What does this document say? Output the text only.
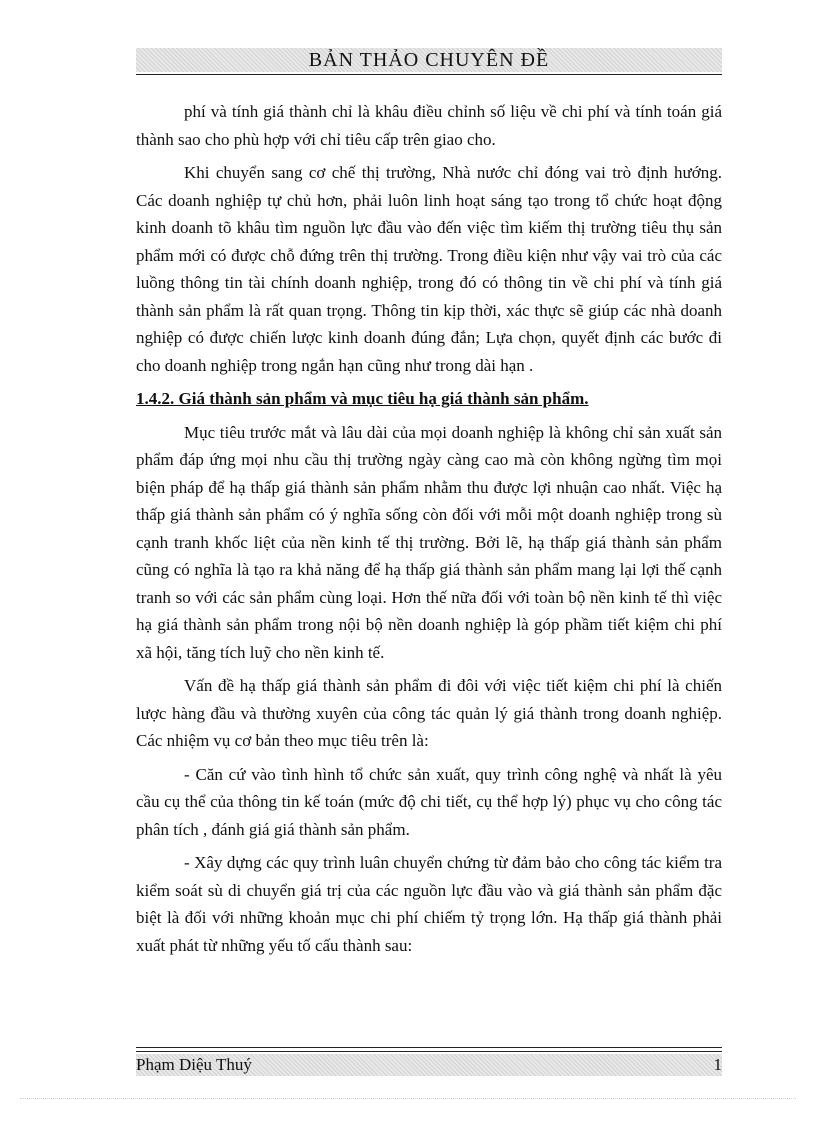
BẢN THẢO CHUYÊN ĐỀ

phí và tính giá thành chỉ là khâu điều chỉnh số liệu về chi phí và tính toán giá thành sao cho phù hợp với chỉ tiêu cấp trên giao cho.

Khi chuyển sang cơ chế thị trường, Nhà nước chỉ đóng vai trò định hướng. Các doanh nghiệp tự chủ hơn, phải luôn linh hoạt sáng tạo trong tổ chức hoạt động kinh doanh tõ khâu tìm nguồn lực đầu vào đến việc tìm kiếm thị trường tiêu thụ sản phẩm mới có được chỗ đứng trên thị trường. Trong điều kiện như vậy vai trò của các luồng thông tin tài chính doanh nghiệp, trong đó có thông tin về chi phí và tính giá thành sản phẩm là rất quan trọng. Thông tin kịp thời, xác thực sẽ giúp các nhà doanh nghiệp có được chiến lược kinh doanh đúng đắn; Lựa chọn, quyết định các bước đi cho doanh nghiệp trong ngắn hạn cũng như trong dài hạn .

1.4.2. Giá thành sản phẩm và mục tiêu hạ giá thành sản phẩm.

Mục tiêu trước mắt và lâu dài của mọi doanh nghiệp là không chỉ sản xuất sản phẩm đáp ứng mọi nhu cầu thị trường ngày càng cao mà còn không ngừng tìm mọi biện pháp để hạ thấp giá thành sản phẩm nhằm thu được lợi nhuận cao nhất. Việc hạ thấp giá thành sản phẩm có ý nghĩa sống còn đối với mỗi một doanh nghiệp trong sù cạnh tranh khốc liệt của nền kinh tế thị trường. Bởi lẽ, hạ thấp giá thành sản phẩm cũng có nghĩa là tạo ra khả năng để hạ thấp giá thành sản phẩm mang lại lợi thế cạnh tranh so với các sản phẩm cùng loại. Hơn thế nữa đối với toàn bộ nền kinh tế thì việc hạ giá thành sản phẩm trong nội bộ nền doanh nghiệp là góp phầm tiết kiệm chi phí xã hội, tăng tích luỹ cho nền kinh tế.

Vấn đề hạ thấp giá thành sản phẩm đi đôi với việc tiết kiệm chi phí là chiến lược hàng đầu và thường xuyên của công tác quản lý giá thành trong doanh nghiệp. Các nhiệm vụ cơ bản theo mục tiêu trên là:

- Căn cứ vào tình hình tổ chức sản xuất, quy trình công nghệ và nhất là yêu cầu cụ thể của thông tin kế toán (mức độ chi tiết, cụ thể hợp lý) phục vụ cho công tác phân tích , đánh giá giá thành sản phẩm.

- Xây dựng các quy trình luân chuyển chứng từ đảm bảo cho công tác kiểm tra kiểm soát sù di chuyển giá trị của các nguồn lực đầu vào và giá thành sản phẩm đặc biệt là đối với những khoản mục chi phí chiếm tỷ trọng lớn. Hạ thấp giá thành phải xuất phát từ những yếu tố cấu thành sau:

Phạm Diệu Thuý	1
